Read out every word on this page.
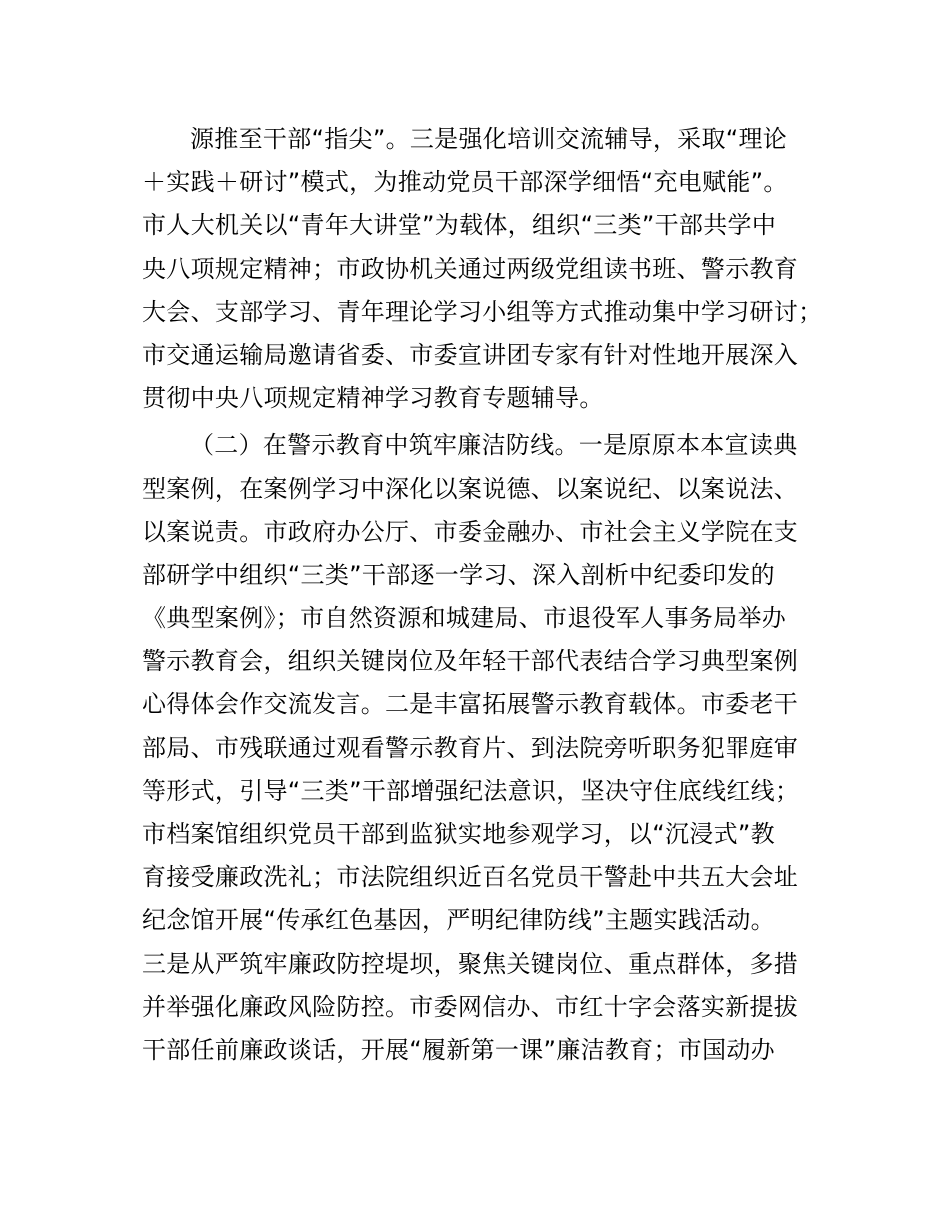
源推至干部“指尖”。三是强化培训交流辅导，采取“理论
＋实践＋研讨”模式，为推动党员干部深学细悟“充电赋能”。
市人大机关以“青年大讲堂”为载体，组织“三类”干部共学中
央八项规定精神；市政协机关通过两级党组读书班、警示教育
大会、支部学习、青年理论学习小组等方式推动集中学习研讨；
市交通运输局邀请省委、市委宣讲团专家有针对性地开展深入
贯彻中央八项规定精神学习教育专题辅导。
（二）在警示教育中筑牢廉洁防线。一是原原本本宣读典
型案例，在案例学习中深化以案说德、以案说纪、以案说法、
以案说责。市政府办公厅、市委金融办、市社会主义学院在支
部研学中组织“三类”干部逐一学习、深入剖析中纪委印发的
《典型案例》；市自然资源和城建局、市退役军人事务局举办
警示教育会，组织关键岗位及年轻干部代表结合学习典型案例
心得体会作交流发言。二是丰富拓展警示教育载体。市委老干
部局、市残联通过观看警示教育片、到法院旁听职务犯罪庭审
等形式，引导“三类”干部增强纪法意识，坚决守住底线红线；
市档案馆组织党员干部到监狱实地参观学习，以“沉浸式”教
育接受廉政洗礼；市法院组织近百名党员干警赴中共五大会址
纪念馆开展“传承红色基因，严明纪律防线”主题实践活动。
三是从严筑牢廉政防控堤坝，聚焦关键岗位、重点群体，多措
并举强化廉政风险防控。市委网信办、市红十字会落实新提拔
干部任前廉政谈话，开展“履新第一课”廉洁教育；市国动办
